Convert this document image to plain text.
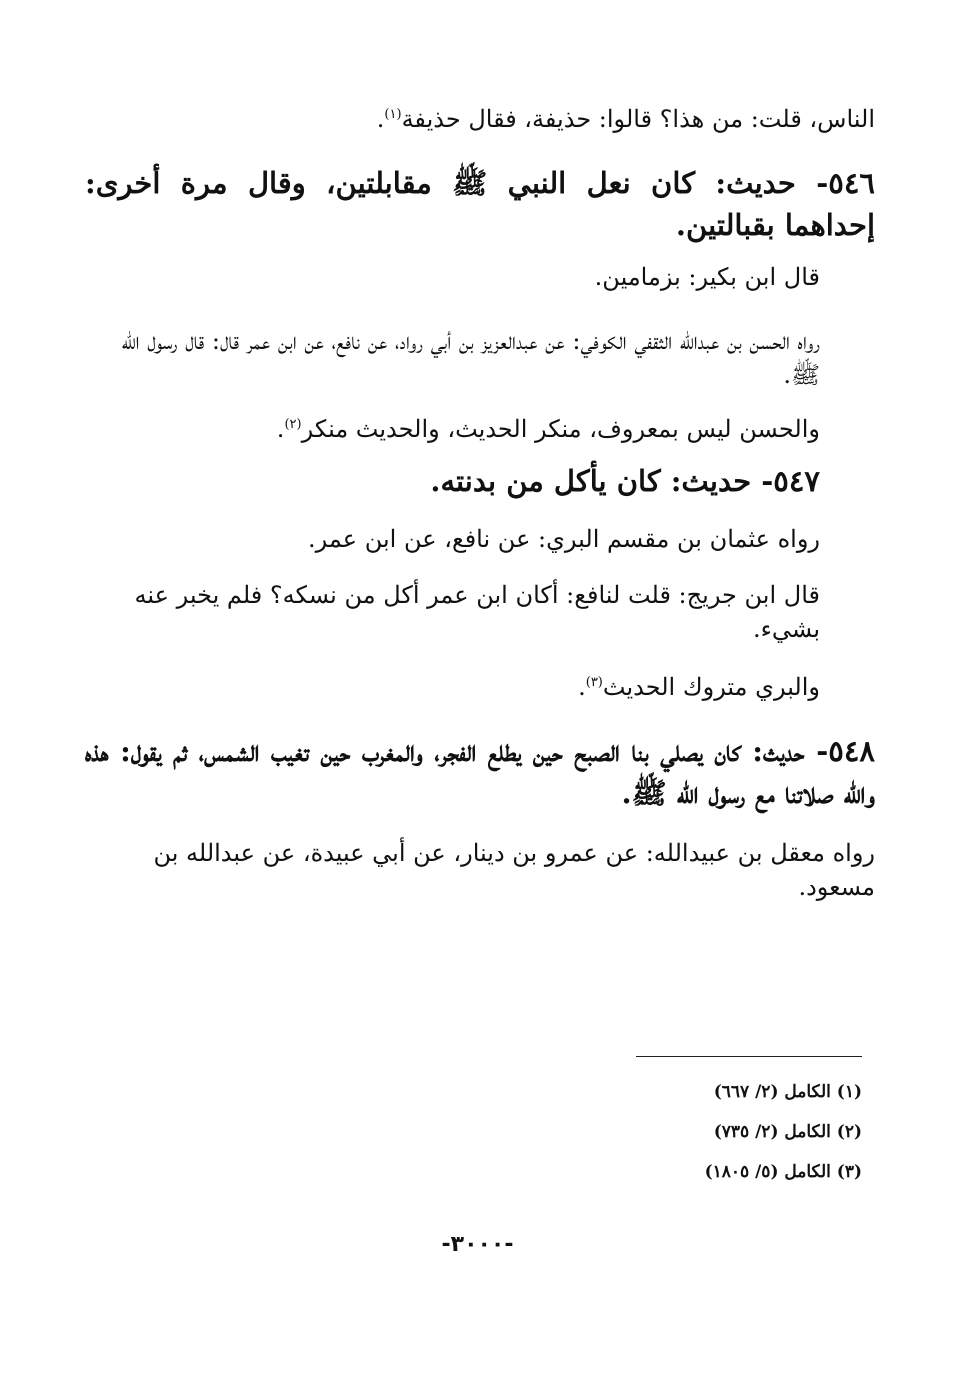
الناس، قلت: من هذا؟ قالوا: حذيفة، فقال حذيفة$^{(١)}$.

٥٤٦- حديث: كان نعل النبي ﷺ مقابلتين، وقال مرة أخرى: إحداهما بقبالتين.

قال ابن بكير: بزمامين.

رواه الحسن بن عبدالله الثقفي الكوفي: عن عبدالعزيز بن أبي رواد، عن نافع، عن ابن عمر قال: قال رسول الله ﷺ.

والحسن ليس بمعروف، منكر الحديث، والحديث منكر$^{(٢)}$.

٥٤٧- حديث: كان يأكل من بدنته.

رواه عثمان بن مقسم البري: عن نافع، عن ابن عمر.

قال ابن جريج: قلت لنافع: أكان ابن عمر أكل من نسكه؟ فلم يخبر عنه بشيء.

والبري متروك الحديث$^{(٣)}$.

٥٤٨- حديث: كان يصلي بنا الصبح حين يطلع الفجر، والمغرب حين تغيب الشمس، ثم يقول: هذه والله صلاتنا مع رسول الله ﷺ.

رواه معقل بن عبيدالله: عن عمرو بن دينار، عن أبي عبيدة، عن عبدالله بن مسعود.

(١) الكامل (٢/ ٦٦٧)
(٢) الكامل (٢/ ٧٣٥)
(٣) الكامل (٥/ ١٨٠٥)
-٣٠٠٠-
